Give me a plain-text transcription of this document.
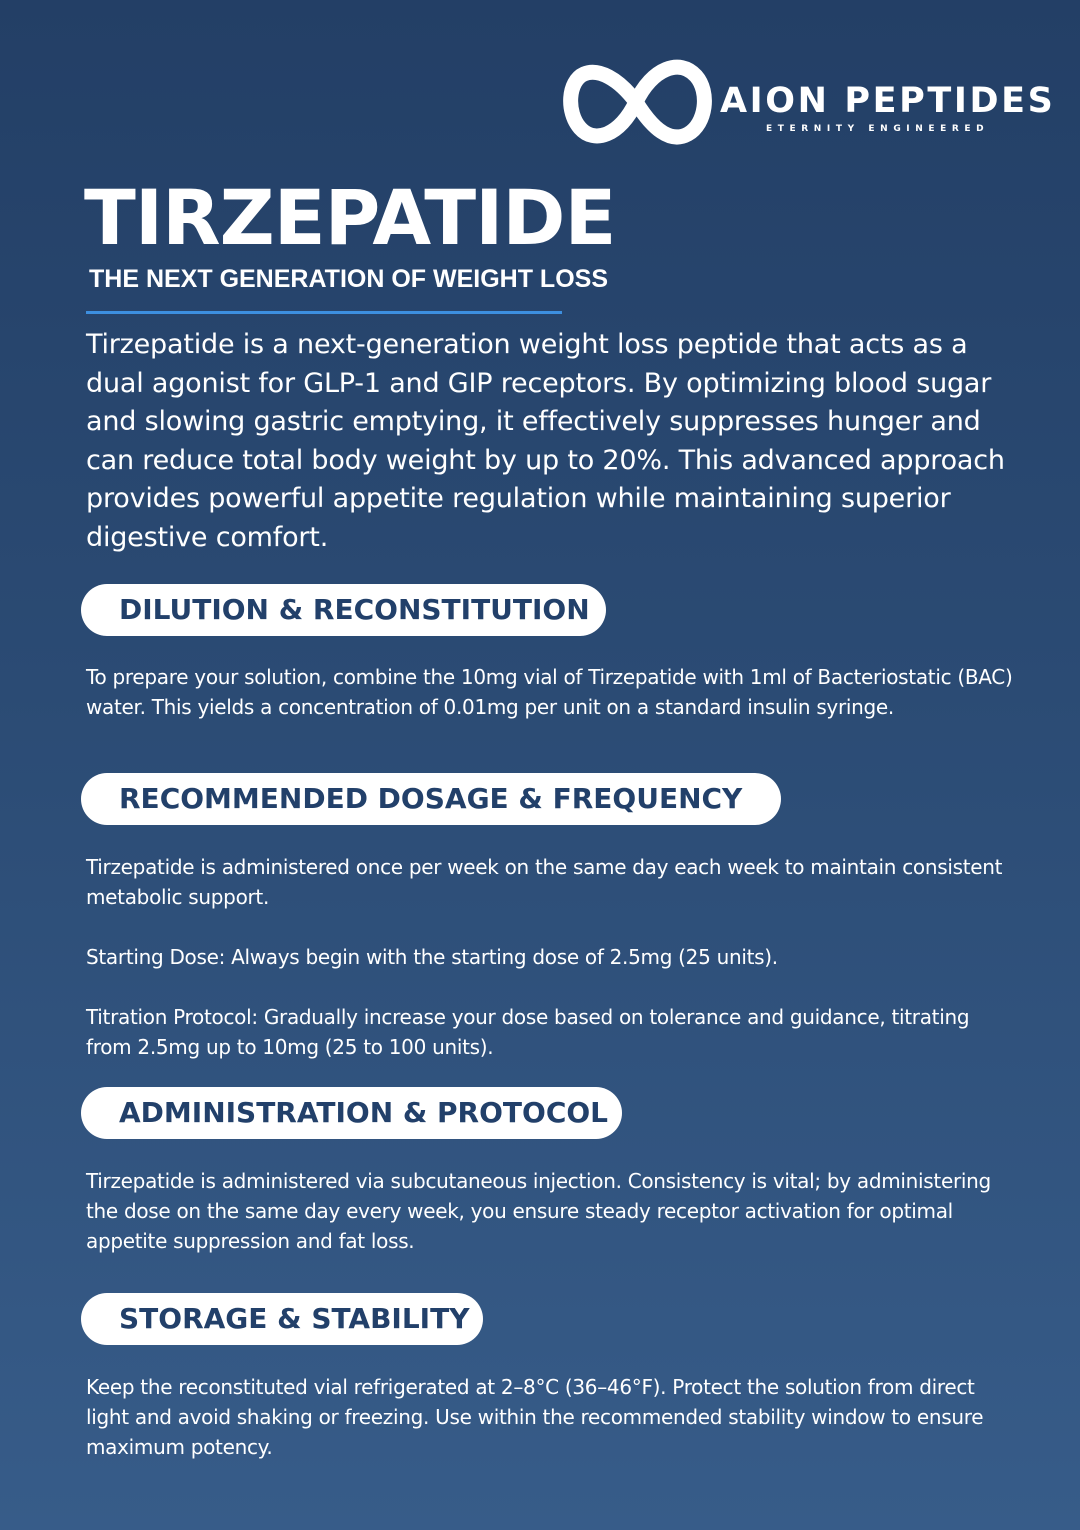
AION PEPTIDES
ETERNITY ENGINEERED
TIRZEPATIDE
THE NEXT GENERATION OF WEIGHT LOSS

Tirzepatide is a next-generation weight loss peptide that acts as a dual agonist for GLP-1 and GIP receptors. By optimizing blood sugar and slowing gastric emptying, it effectively suppresses hunger and can reduce total body weight by up to 20%. This advanced approach provides powerful appetite regulation while maintaining superior digestive comfort.

DILUTION & RECONSTITUTION

To prepare your solution, combine the 10mg vial of Tirzepatide with 1ml of Bacteriostatic (BAC) water. This yields a concentration of 0.01mg per unit on a standard insulin syringe.

RECOMMENDED DOSAGE & FREQUENCY

Tirzepatide is administered once per week on the same day each week to maintain consistent metabolic support.

Starting Dose: Always begin with the starting dose of 2.5mg (25 units).

Titration Protocol: Gradually increase your dose based on tolerance and guidance, titrating from 2.5mg up to 10mg (25 to 100 units).

ADMINISTRATION & PROTOCOL

Tirzepatide is administered via subcutaneous injection. Consistency is vital; by administering the dose on the same day every week, you ensure steady receptor activation for optimal appetite suppression and fat loss.

STORAGE & STABILITY

Keep the reconstituted vial refrigerated at 2–8°C (36–46°F). Protect the solution from direct light and avoid shaking or freezing. Use within the recommended stability window to ensure maximum potency.
